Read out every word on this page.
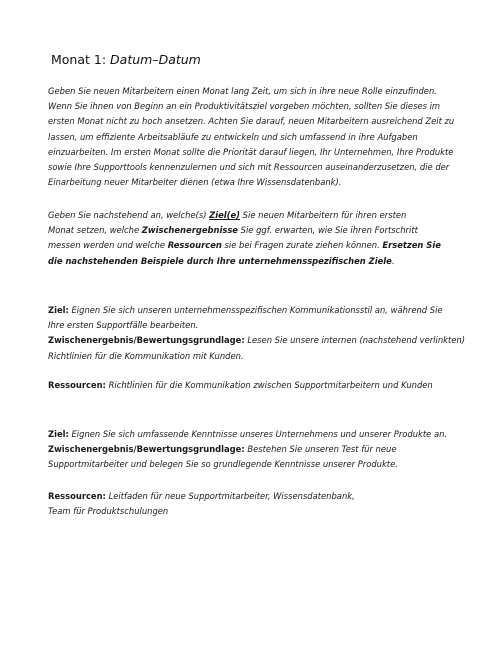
Monat 1: Datum–Datum
Geben Sie neuen Mitarbeitern einen Monat lang Zeit, um sich in ihre neue Rolle einzufinden.
Wenn Sie ihnen von Beginn an ein Produktivitätsziel vorgeben möchten, sollten Sie dieses im
ersten Monat nicht zu hoch ansetzen. Achten Sie darauf, neuen Mitarbeitern ausreichend Zeit zu
lassen, um effiziente Arbeitsabläufe zu entwickeln und sich umfassend in ihre Aufgaben
einzuarbeiten. Im ersten Monat sollte die Priorität darauf liegen, Ihr Unternehmen, Ihre Produkte
sowie Ihre Supporttools kennenzulernen und sich mit Ressourcen auseinanderzusetzen, die der
Einarbeitung neuer Mitarbeiter dienen (etwa Ihre Wissensdatenbank).
Geben Sie nachstehend an, welche(s) Ziel(e) Sie neuen Mitarbeitern für ihren ersten
Monat setzen, welche Zwischenergebnisse Sie ggf. erwarten, wie Sie ihren Fortschritt
messen werden und welche Ressourcen sie bei Fragen zurate ziehen können. Ersetzen Sie
die nachstehenden Beispiele durch Ihre unternehmensspezifischen Ziele.
Ziel: Eignen Sie sich unseren unternehmensspezifischen Kommunikationsstil an, während Sie
Ihre ersten Supportfälle bearbeiten.
Zwischenergebnis/Bewertungsgrundlage: Lesen Sie unsere internen (nachstehend verlinkten)
Richtlinien für die Kommunikation mit Kunden.
Ressourcen: Richtlinien für die Kommunikation zwischen Supportmitarbeitern und Kunden
Ziel: Eignen Sie sich umfassende Kenntnisse unseres Unternehmens und unserer Produkte an.
Zwischenergebnis/Bewertungsgrundlage: Bestehen Sie unseren Test für neue
Supportmitarbeiter und belegen Sie so grundlegende Kenntnisse unserer Produkte.
Ressourcen: Leitfaden für neue Supportmitarbeiter, Wissensdatenbank,
Team für Produktschulungen
